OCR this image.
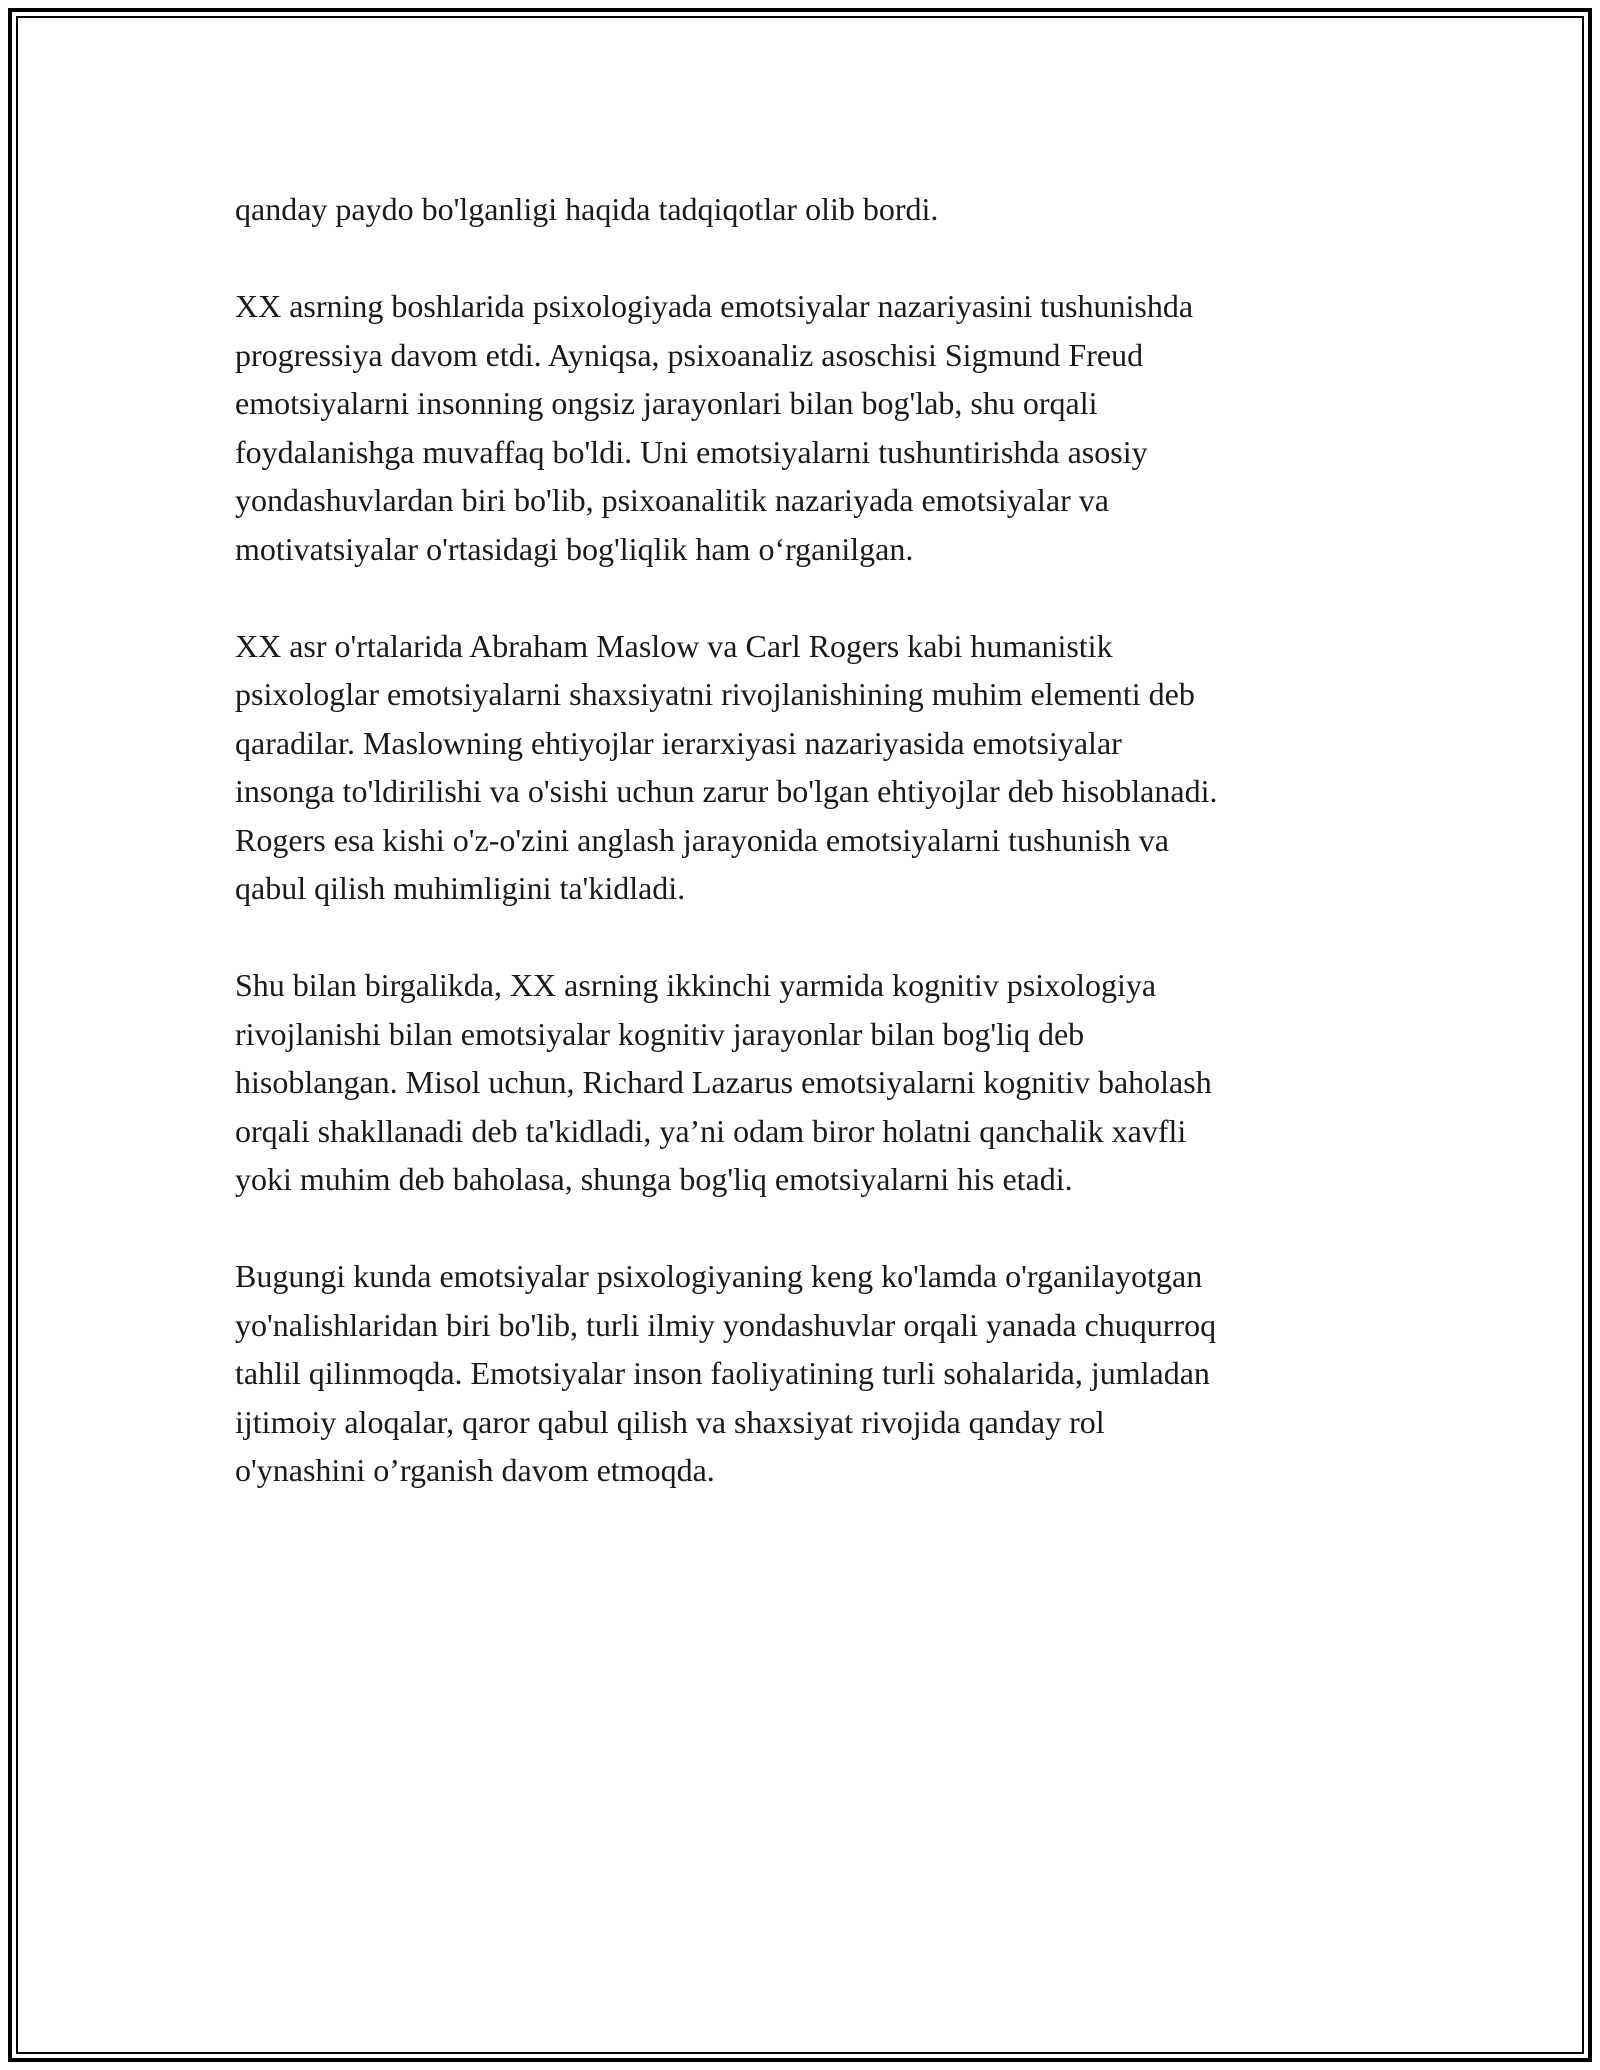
qanday paydo bo'lganligi haqida tadqiqotlar olib bordi.

XX asrning boshlarida psixologiyada emotsiyalar nazariyasini tushunishda
progressiya davom etdi. Ayniqsa, psixoanaliz asoschisi Sigmund Freud
emotsiyalarni insonning ongsiz jarayonlari bilan bog'lab, shu orqali
foydalanishga muvaffaq bo'ldi. Uni emotsiyalarni tushuntirishda asosiy
yondashuvlardan biri bo'lib, psixoanalitik nazariyada emotsiyalar va
motivatsiyalar o'rtasidagi bog'liqlik ham o‘rganilgan.

XX asr o'rtalarida Abraham Maslow va Carl Rogers kabi humanistik
psixologlar emotsiyalarni shaxsiyatni rivojlanishining muhim elementi deb
qaradilar. Maslowning ehtiyojlar ierarxiyasi nazariyasida emotsiyalar
insonga to'ldirilishi va o'sishi uchun zarur bo'lgan ehtiyojlar deb hisoblanadi.
Rogers esa kishi o'z-o'zini anglash jarayonida emotsiyalarni tushunish va
qabul qilish muhimligini ta'kidladi.

Shu bilan birgalikda, XX asrning ikkinchi yarmida kognitiv psixologiya
rivojlanishi bilan emotsiyalar kognitiv jarayonlar bilan bog'liq deb
hisoblangan. Misol uchun, Richard Lazarus emotsiyalarni kognitiv baholash
orqali shakllanadi deb ta'kidladi, ya’ni odam biror holatni qanchalik xavfli
yoki muhim deb baholasa, shunga bog'liq emotsiyalarni his etadi.

Bugungi kunda emotsiyalar psixologiyaning keng ko'lamda o'rganilayotgan
yo'nalishlaridan biri bo'lib, turli ilmiy yondashuvlar orqali yanada chuqurroq
tahlil qilinmoqda. Emotsiyalar inson faoliyatining turli sohalarida, jumladan
ijtimoiy aloqalar, qaror qabul qilish va shaxsiyat rivojida qanday rol
o'ynashini o’rganish davom etmoqda.
